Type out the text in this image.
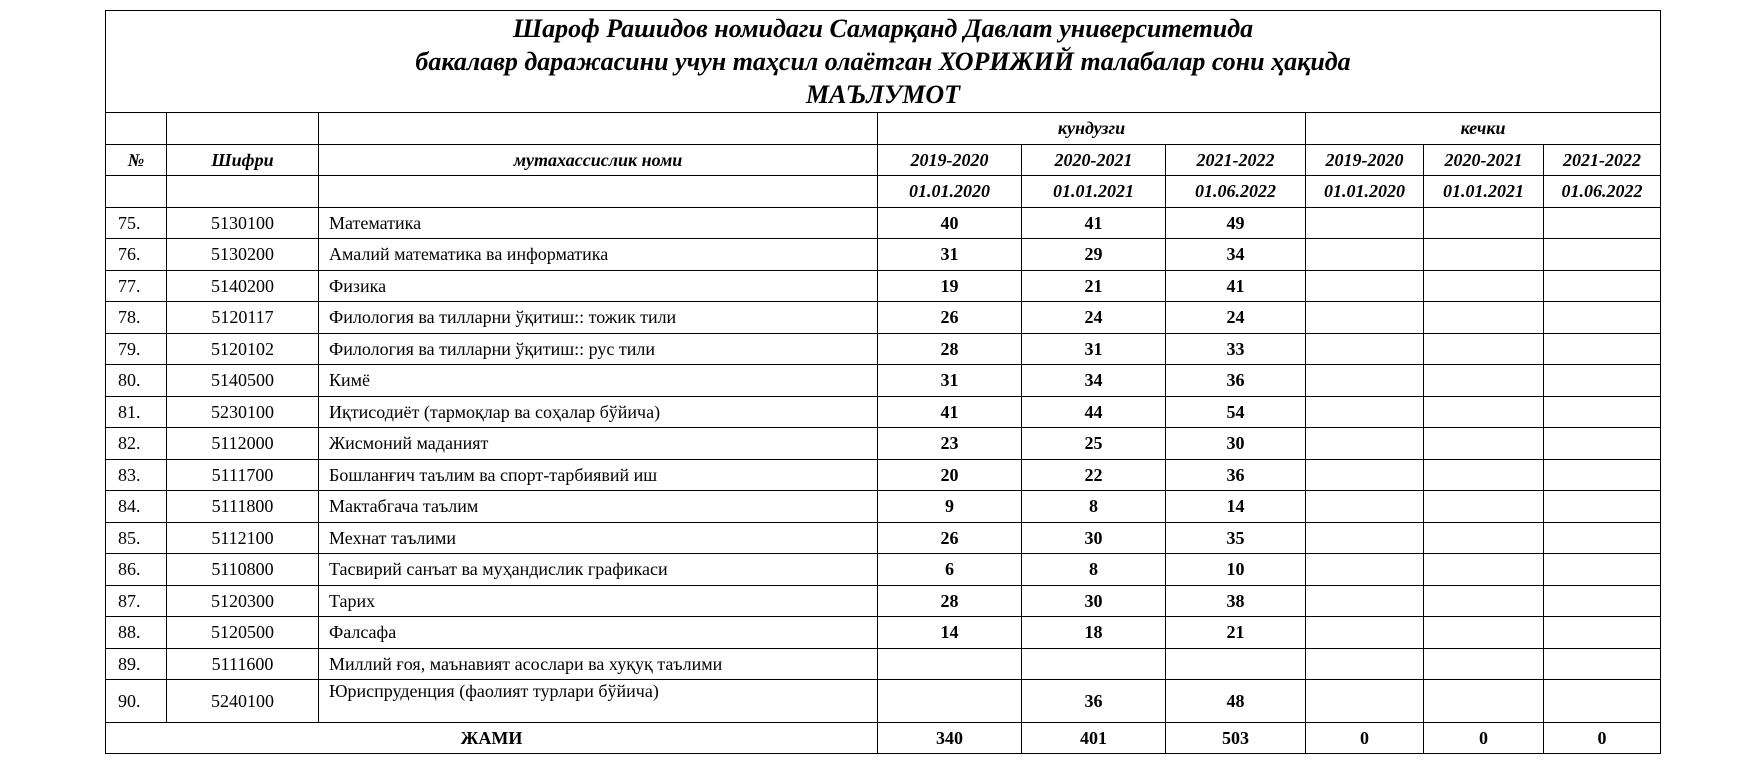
Шароф Рашидов номидаги Самарқанд Давлат университетида
бакалавр даражасини учун таҳсил олаётган ХОРИЖИЙ талабалар сони ҳақида
МАЪЛУМОТ								

			кундузги			кечки		
№	Шифри	мутахассислик номи	2019-2020	2020-2021	2021-2022	2019-2020	2020-2021	2021-2022
			01.01.2020	01.01.2021	01.06.2022	01.01.2020	01.01.2021	01.06.2022
75.	5130100	Математика	40	41	49			
76.	5130200	Амалий математика ва информатика	31	29	34			
77.	5140200	Физика	19	21	41			
78.	5120117	Филология ва тилларни ўқитиш:: тожик тили	26	24	24			
79.	5120102	Филология ва тилларни ўқитиш:: рус тили	28	31	33			
80.	5140500	Кимё	31	34	36			
81.	5230100	Иқтисодиёт (тармоқлар ва соҳалар бўйича)	41	44	54			
82.	5112000	Жисмоний маданият	23	25	30			
83.	5111700	Бошланғич таълим ва спорт-тарбиявий иш	20	22	36			
84.	5111800	Мактабгача таълим	9	8	14			
85.	5112100	Мехнат таълими	26	30	35			
86.	5110800	Тасвирий санъат ва муҳандислик графикаси	6	8	10			
87.	5120300	Тарих	28	30	38			
88.	5120500	Фалсафа	14	18	21			
89.	5111600	Миллий ғоя, маънавият асослари ва хуқуқ таълими						
90.	5240100	Юриспруденция (фаолият турлари бўйича)		36	48			
ЖАМИ			340	401	503	0	0	0
